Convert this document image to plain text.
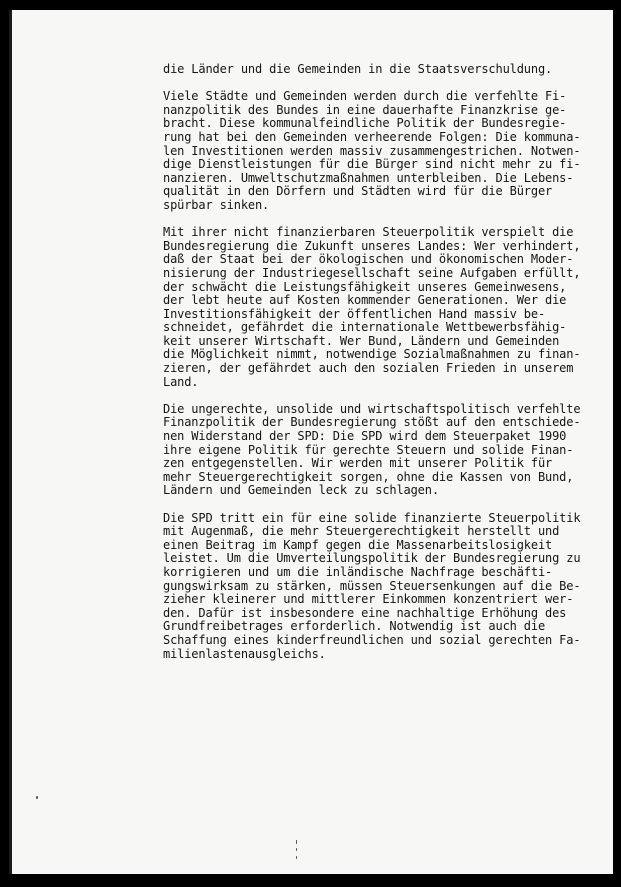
die Länder und die Gemeinden in die Staatsverschuldung.
Viele Städte und Gemeinden werden durch die verfehlte Fi-
nanzpolitik des Bundes in eine dauerhafte Finanzkrise ge-
bracht. Diese kommunalfeindliche Politik der Bundesregie-
rung hat bei den Gemeinden verheerende Folgen: Die kommuna-
len Investitionen werden massiv zusammengestrichen. Notwen-
dige Dienstleistungen für die Bürger sind nicht mehr zu fi-
nanzieren. Umweltschutzmaßnahmen unterbleiben. Die Lebens-
qualität in den Dörfern und Städten wird für die Bürger
spürbar sinken.
Mit ihrer nicht finanzierbaren Steuerpolitik verspielt die
Bundesregierung die Zukunft unseres Landes: Wer verhindert,
daß der Staat bei der ökologischen und ökonomischen Moder-
nisierung der Industriegesellschaft seine Aufgaben erfüllt,
der schwächt die Leistungsfähigkeit unseres Gemeinwesens,
der lebt heute auf Kosten kommender Generationen. Wer die
Investitionsfähigkeit der öffentlichen Hand massiv be-
schneidet, gefährdet die internationale Wettbewerbsfähig-
keit unserer Wirtschaft. Wer Bund, Ländern und Gemeinden
die Möglichkeit nimmt, notwendige Sozialmaßnahmen zu finan-
zieren, der gefährdet auch den sozialen Frieden in unserem
Land.
Die ungerechte, unsolide und wirtschaftspolitisch verfehlte
Finanzpolitik der Bundesregierung stößt auf den entschiede-
nen Widerstand der SPD: Die SPD wird dem Steuerpaket 1990
ihre eigene Politik für gerechte Steuern und solide Finan-
zen entgegenstellen. Wir werden mit unserer Politik für
mehr Steuergerechtigkeit sorgen, ohne die Kassen von Bund,
Ländern und Gemeinden leck zu schlagen.
Die SPD tritt ein für eine solide finanzierte Steuerpolitik
mit Augenmaß, die mehr Steuergerechtigkeit herstellt und
einen Beitrag im Kampf gegen die Massenarbeitslosigkeit
leistet. Um die Umverteilungspolitik der Bundesregierung zu
korrigieren und um die inländische Nachfrage beschäfti-
gungswirksam zu stärken, müssen Steuersenkungen auf die Be-
zieher kleinerer und mittlerer Einkommen konzentriert wer-
den. Dafür ist insbesondere eine nachhaltige Erhöhung des
Grundfreibetrages erforderlich. Notwendig ist auch die
Schaffung eines kinderfreundlichen und sozial gerechten Fa-
milienlastenausgleichs.
